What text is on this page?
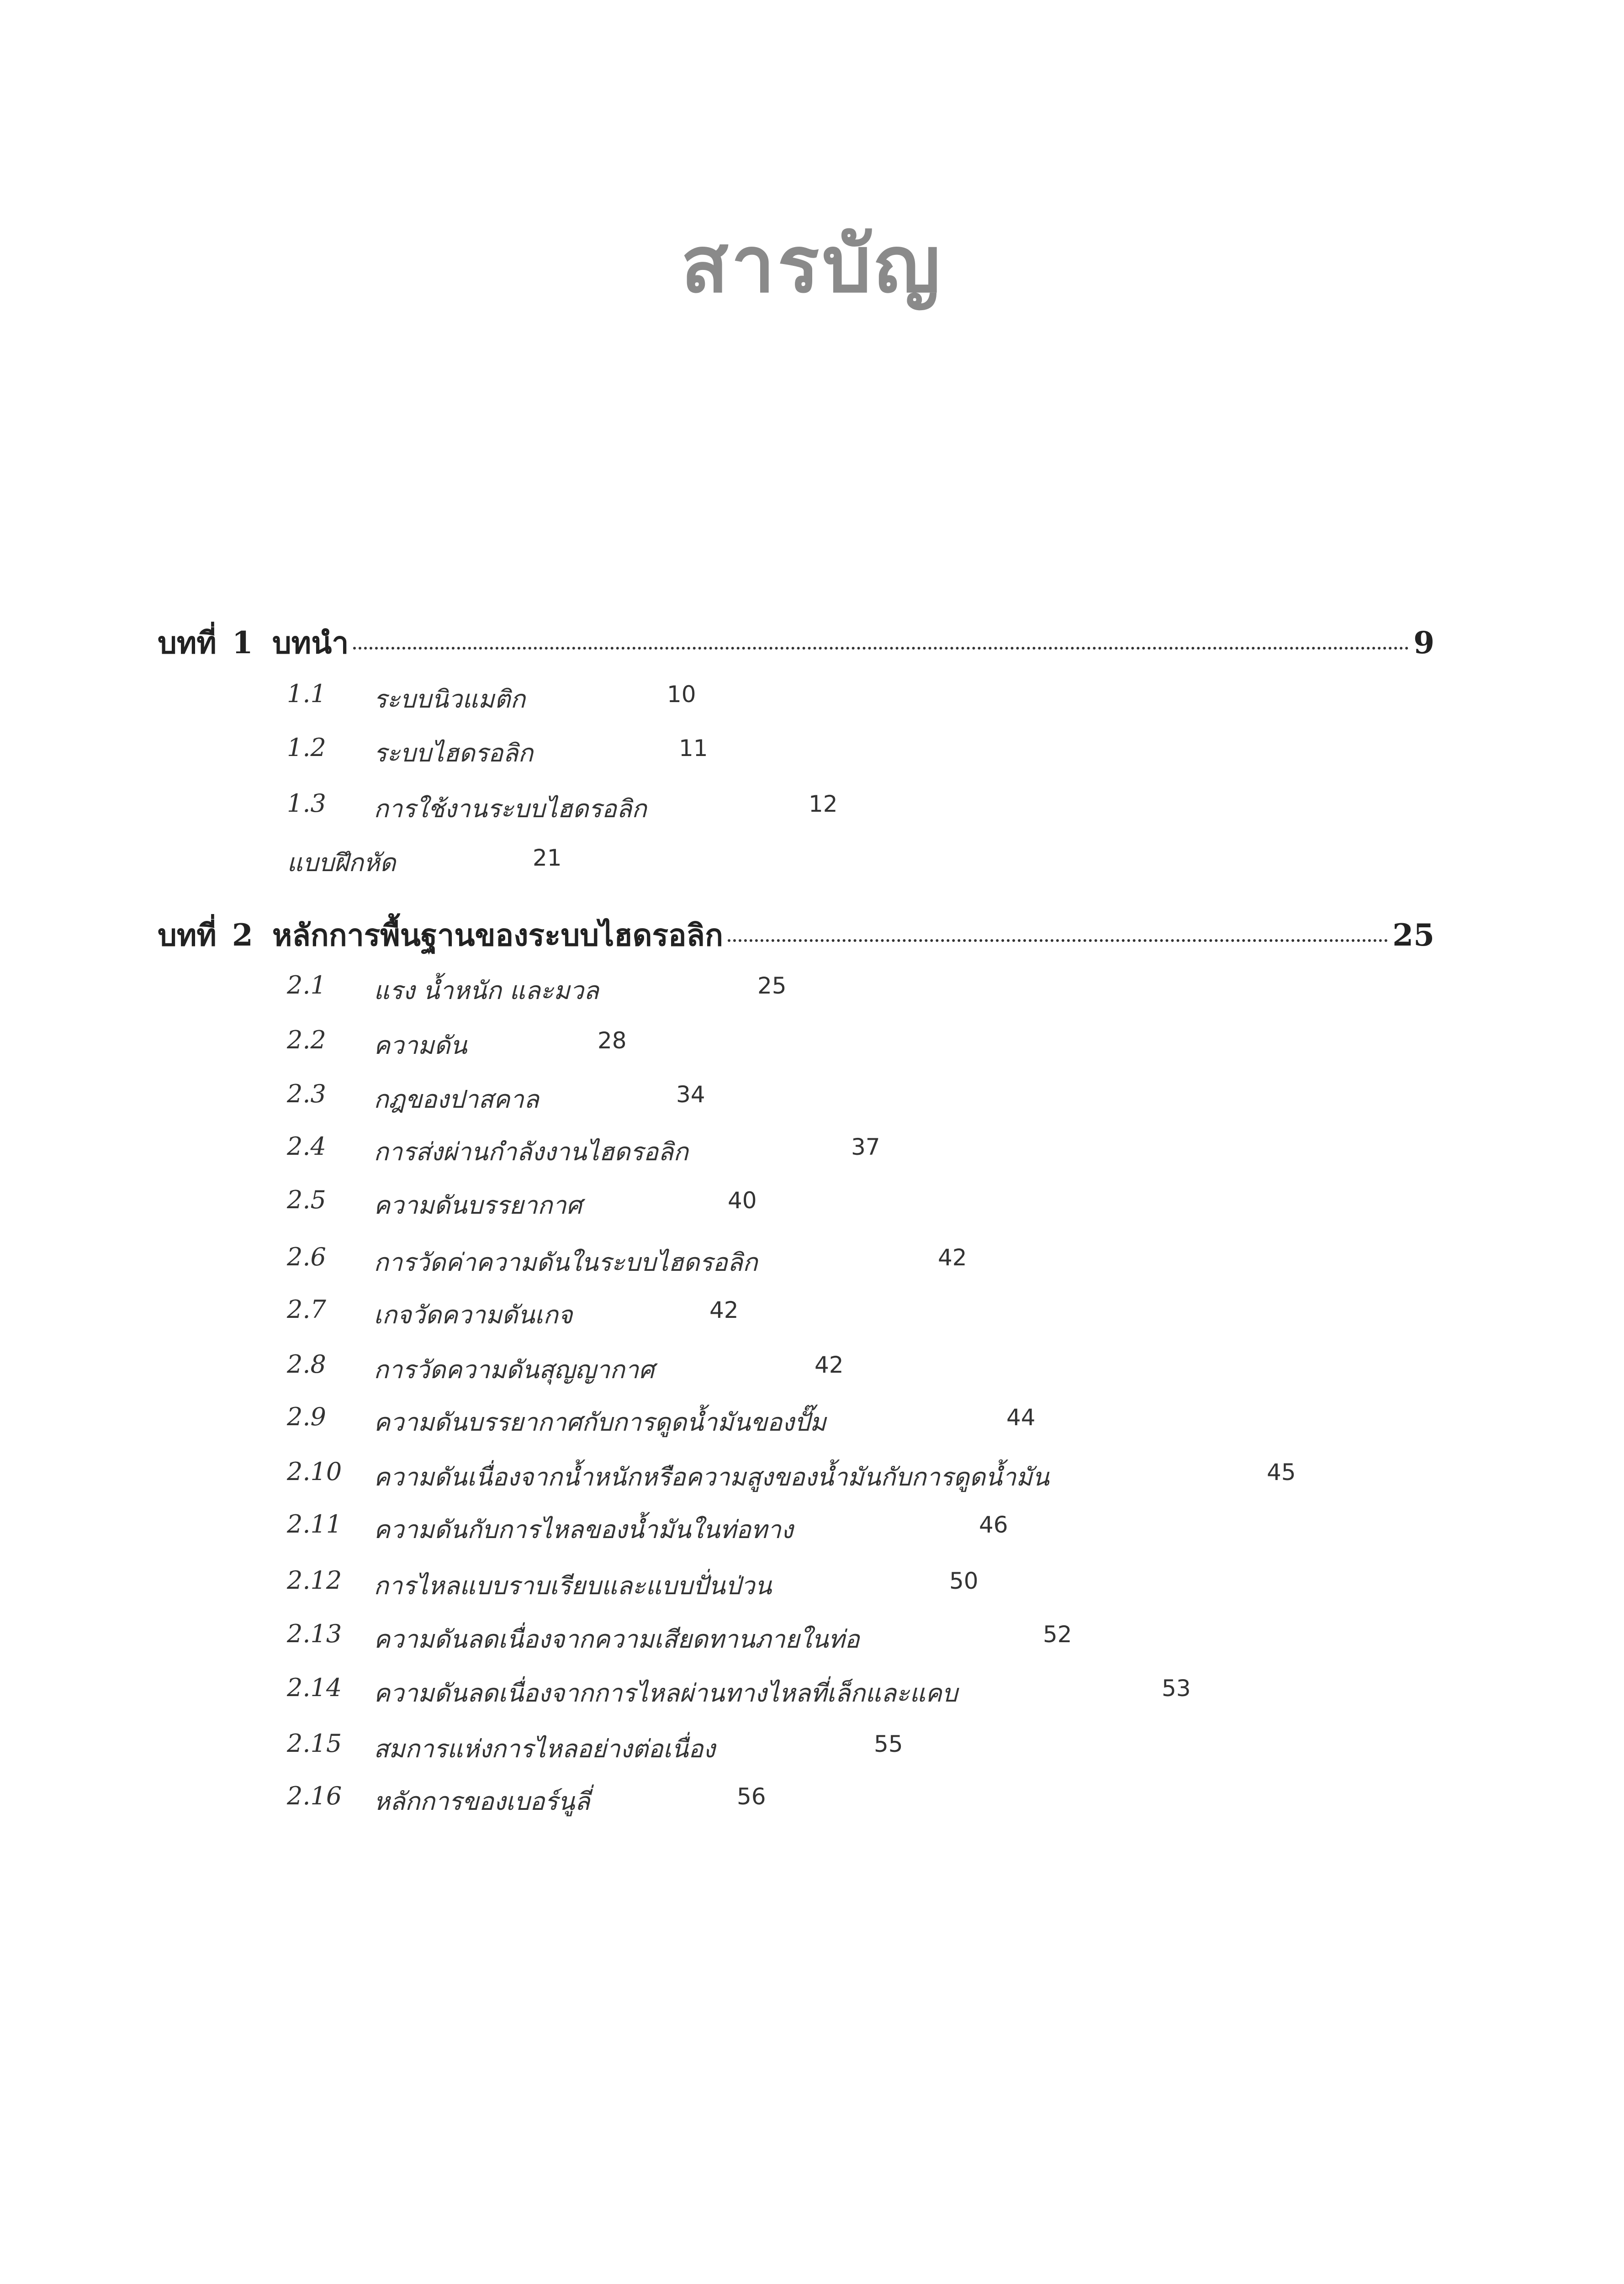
สารบัญ
บทที่ 1 บทนำ	9
1.1 ระบบนิวแมติก	10
1.2 ระบบไฮดรอลิก	11
1.3 การใช้งานระบบไฮดรอลิก	12
แบบฝึกหัด	21
บทที่ 2 หลักการพื้นฐานของระบบไฮดรอลิก	25
2.1 แรง น้ำหนัก และมวล	25
2.2 ความดัน	28
2.3 กฎของปาสคาล	34
2.4 การส่งผ่านกำลังงานไฮดรอลิก	37
2.5 ความดันบรรยากาศ	40
2.6 การวัดค่าความดันในระบบไฮดรอลิก	42
2.7 เกจวัดความดันเกจ	42
2.8 การวัดความดันสุญญากาศ	42
2.9 ความดันบรรยากาศกับการดูดน้ำมันของปั๊ม	44
2.10 ความดันเนื่องจากน้ำหนักหรือความสูงของน้ำมันกับการดูดน้ำมัน	45
2.11 ความดันกับการไหลของน้ำมันในท่อทาง	46
2.12 การไหลแบบราบเรียบและแบบปั่นป่วน	50
2.13 ความดันลดเนื่องจากความเสียดทานภายในท่อ	52
2.14 ความดันลดเนื่องจากการไหลผ่านทางไหลที่เล็กและแคบ	53
2.15 สมการแห่งการไหลอย่างต่อเนื่อง	55
2.16 หลักการของเบอร์นูลี่	56
